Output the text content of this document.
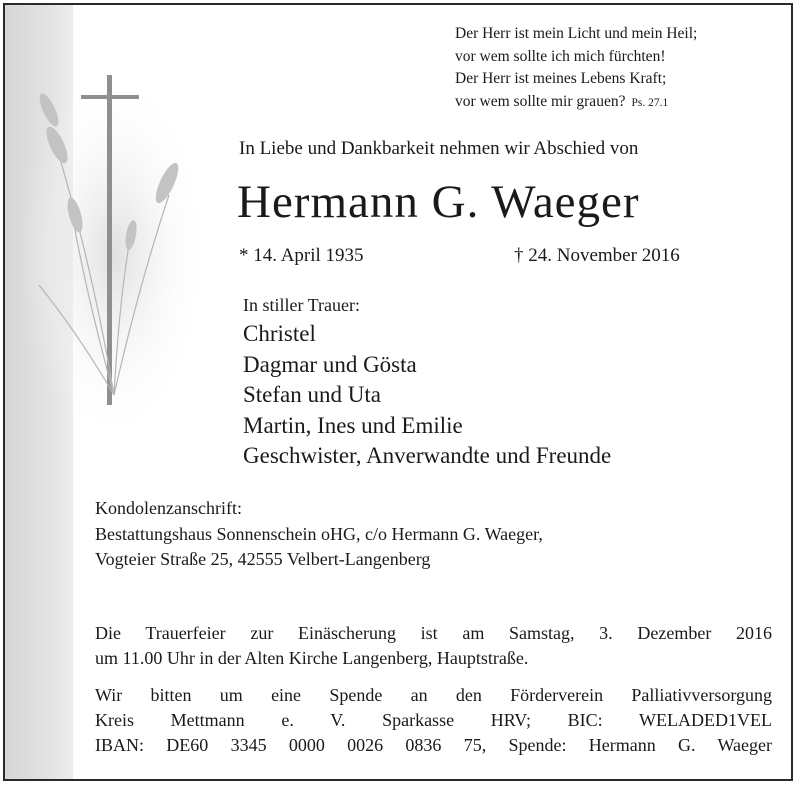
Der Herr ist mein Licht und mein Heil;
vor wem sollte ich mich fürchten!
Der Herr ist meines Lebens Kraft;
vor wem sollte mir grauen? Ps. 27.1
In Liebe und Dankbarkeit nehmen wir Abschied von
Hermann G. Waeger
* 14. April 1935	† 24. November 2016
In stiller Trauer:
Christel
Dagmar und Gösta
Stefan und Uta
Martin, Ines und Emilie
Geschwister, Anverwandte und Freunde
Kondolenzanschrift:
Bestattungshaus Sonnenschein oHG, c/o Hermann G. Waeger,
Vogteier Straße 25, 42555 Velbert-Langenberg

Die Trauerfeier zur Einäscherung ist am Samstag, 3. Dezember 2016
um 11.00 Uhr in der Alten Kirche Langenberg, Hauptstraße.

Wir bitten um eine Spende an den Förderverein Palliativversorgung
Kreis Mettmann e. V. Sparkasse HRV; BIC: WELADED1VEL
IBAN: DE60 3345 0000 0026 0836 75, Spende: Hermann G. Waeger
